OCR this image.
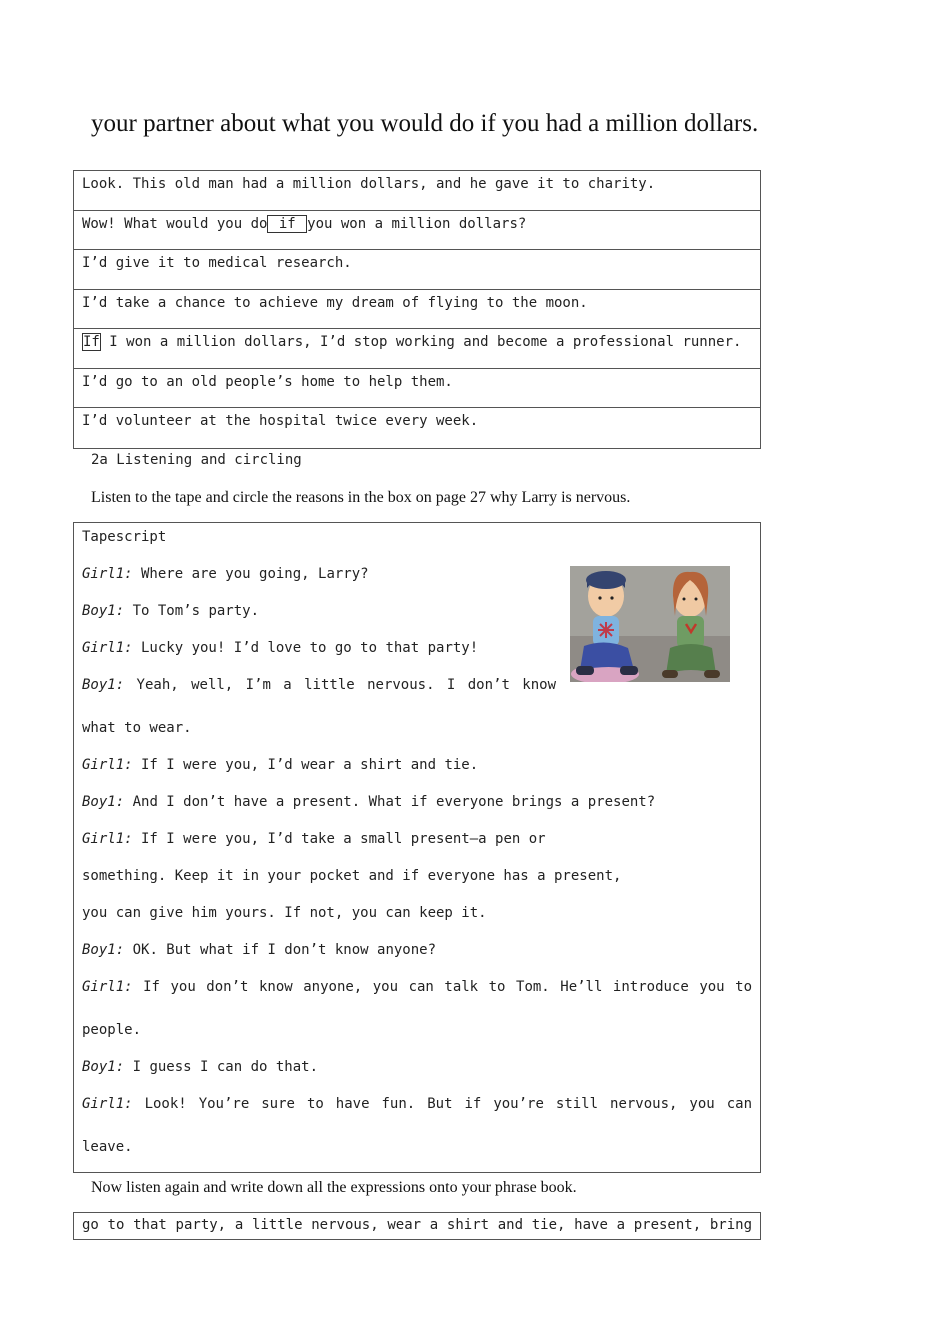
your partner about what you would do if you had a million dollars.
Look. This old man had a million dollars, and he gave it to charity.
Wow! What would you do if you won a million dollars?
I’d give it to medical research.
I’d take a chance to achieve my dream of flying to the moon.
If I won a million dollars, I’d stop working and become a professional runner.
I’d go to an old people’s home to help them.
I’d volunteer at the hospital twice every week.
2a Listening and circling
Listen to the tape and circle the reasons in the box on page 27 why Larry is nervous.
Tapescript
Girl1: Where are you going, Larry?
Boy1: To Tom’s party.
Girl1: Lucky you! I’d love to go to that party!
Boy1: Yeah, well, I’m a little nervous. I don’t know
what to wear.
Girl1: If I were you, I’d wear a shirt and tie.
Boy1: And I don’t have a present. What if everyone brings a present?
Girl1: If I were you, I’d take a small present—a pen or
something. Keep it in your pocket and if everyone has a present,
you can give him yours. If not, you can keep it.
Boy1: OK. But what if I don’t know anyone?
Girl1: If you don’t know anyone, you can talk to Tom. He’ll introduce you to
people.
Boy1: I guess I can do that.
Girl1: Look! You’re sure to have fun. But if you’re still nervous, you can
leave.
Now listen again and write down all the expressions onto your phrase book.
go to that party, a little nervous, wear a shirt and tie, have a present, bring
